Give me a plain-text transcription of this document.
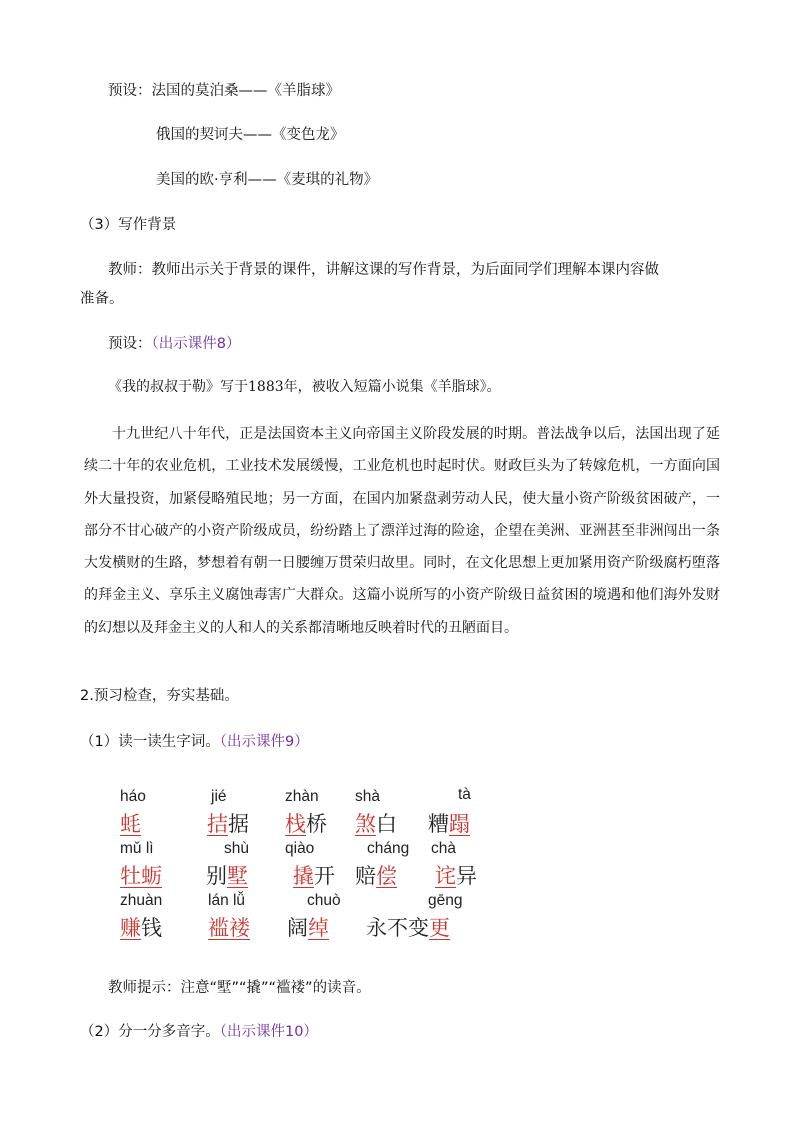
预设：法国的莫泊桑——《羊脂球》
俄国的契诃夫——《变色龙》
美国的欧·亨利——《麦琪的礼物》
（3）写作背景
教师：教师出示关于背景的课件，讲解这课的写作背景，为后面同学们理解本课内容做
准备。
预设：（出示课件8）
《我的叔叔于勒》写于1883年，被收入短篇小说集《羊脂球》。

十九世纪八十年代，正是法国资本主义向帝国主义阶段发展的时期。普法战争以后，法国出现了延续二十年的农业危机，工业技术发展缓慢，工业危机也时起时伏。财政巨头为了转嫁危机，一方面向国外大量投资，加紧侵略殖民地；另一方面，在国内加紧盘剥劳动人民，使大量小资产阶级贫困破产，一部分不甘心破产的小资产阶级成员，纷纷踏上了漂洋过海的险途，企望在美洲、亚洲甚至非洲闯出一条大发横财的生路，梦想着有朝一日腰缠万贯荣归故里。同时，在文化思想上更加紧用资产阶级腐朽堕落的拜金主义、享乐主义腐蚀毒害广大群众。这篇小说所写的小资产阶级日益贫困的境遇和他们海外发财的幻想以及拜金主义的人和人的关系都清晰地反映着时代的丑陋面目。

2.预习检查，夯实基础。
（1）读一读生字词。（出示课件9）
háo
蚝
jié
拮据
zhàn
栈桥
shà
煞白
tà
糟蹋
mǔ lì
牡蛎
shù
别墅
qiào
撬开
cháng
赔偿
chà
诧异
zhuàn
赚钱
lán lǚ
褴褛
chuò
阔绰
gēng
永不变更
教师提示：注意“墅”“撬”“褴褛”的读音。
（2）分一分多音字。（出示课件10）
